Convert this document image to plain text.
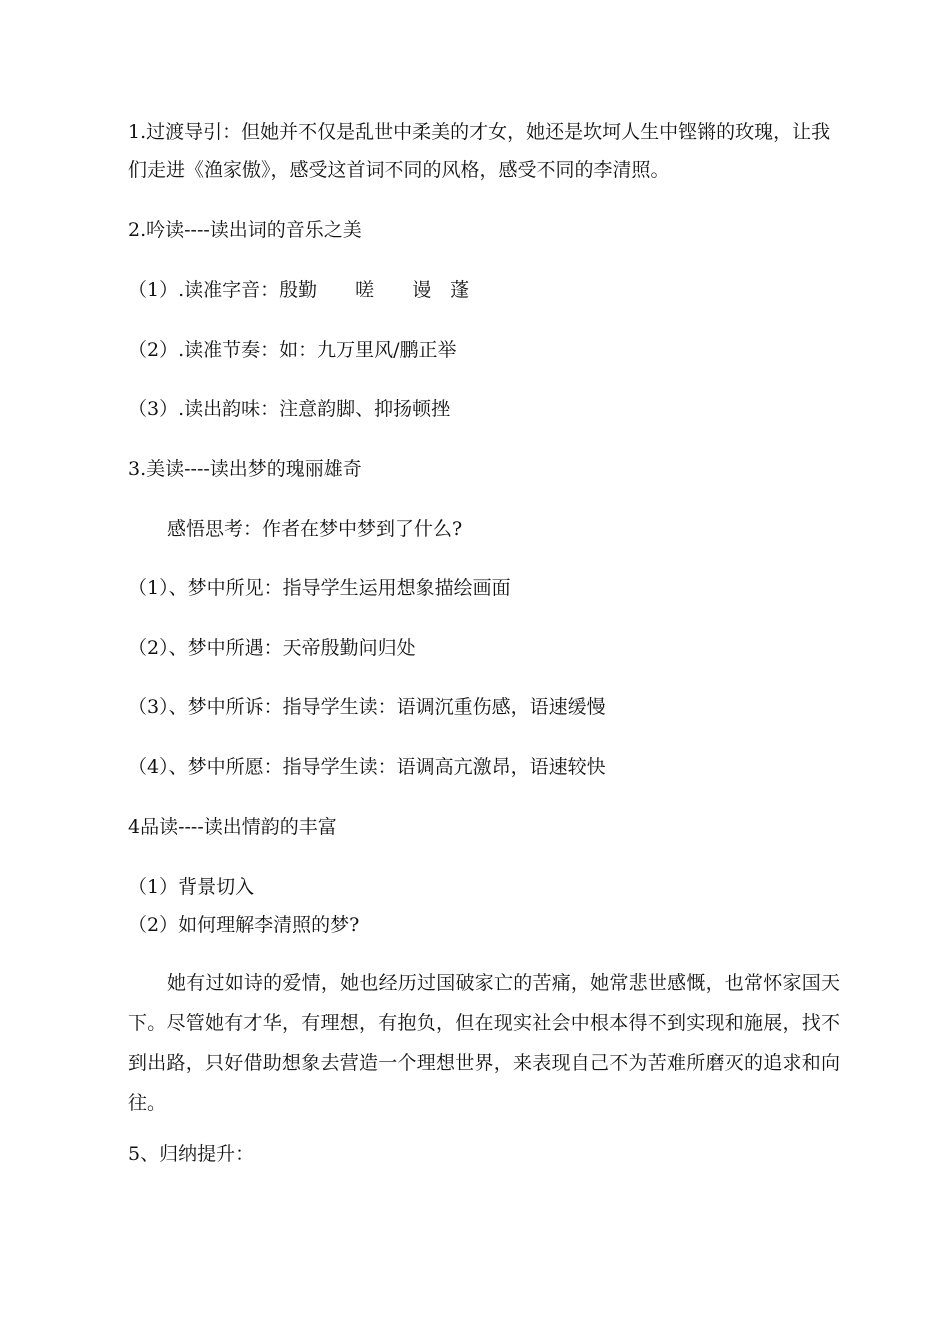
1.过渡导引：但她并不仅是乱世中柔美的才女，她还是坎坷人生中铿锵的玫瑰，让我
们走进《渔家傲》，感受这首词不同的风格，感受不同的李清照。
2.吟读----读出词的音乐之美
（1）.读准字音：殷勤　　嗟　　谩　蓬
（2）.读准节奏：如：九万里风/鹏正举
（3）.读出韵味：注意韵脚、抑扬顿挫
3.美读----读出梦的瑰丽雄奇
感悟思考：作者在梦中梦到了什么?
（1）、梦中所见：指导学生运用想象描绘画面
（2）、梦中所遇：天帝殷勤问归处
（3）、梦中所诉：指导学生读：语调沉重伤感，语速缓慢
（4）、梦中所愿：指导学生读：语调高亢激昂，语速较快
4品读----读出情韵的丰富
（1）背景切入
（2）如何理解李清照的梦?
她有过如诗的爱情，她也经历过国破家亡的苦痛，她常悲世感慨，也常怀家国天下。尽管她有才华，有理想，有抱负，但在现实社会中根本得不到实现和施展，找不到出路，只好借助想象去营造一个理想世界，来表现自己不为苦难所磨灭的追求和向往。
5、归纳提升：
